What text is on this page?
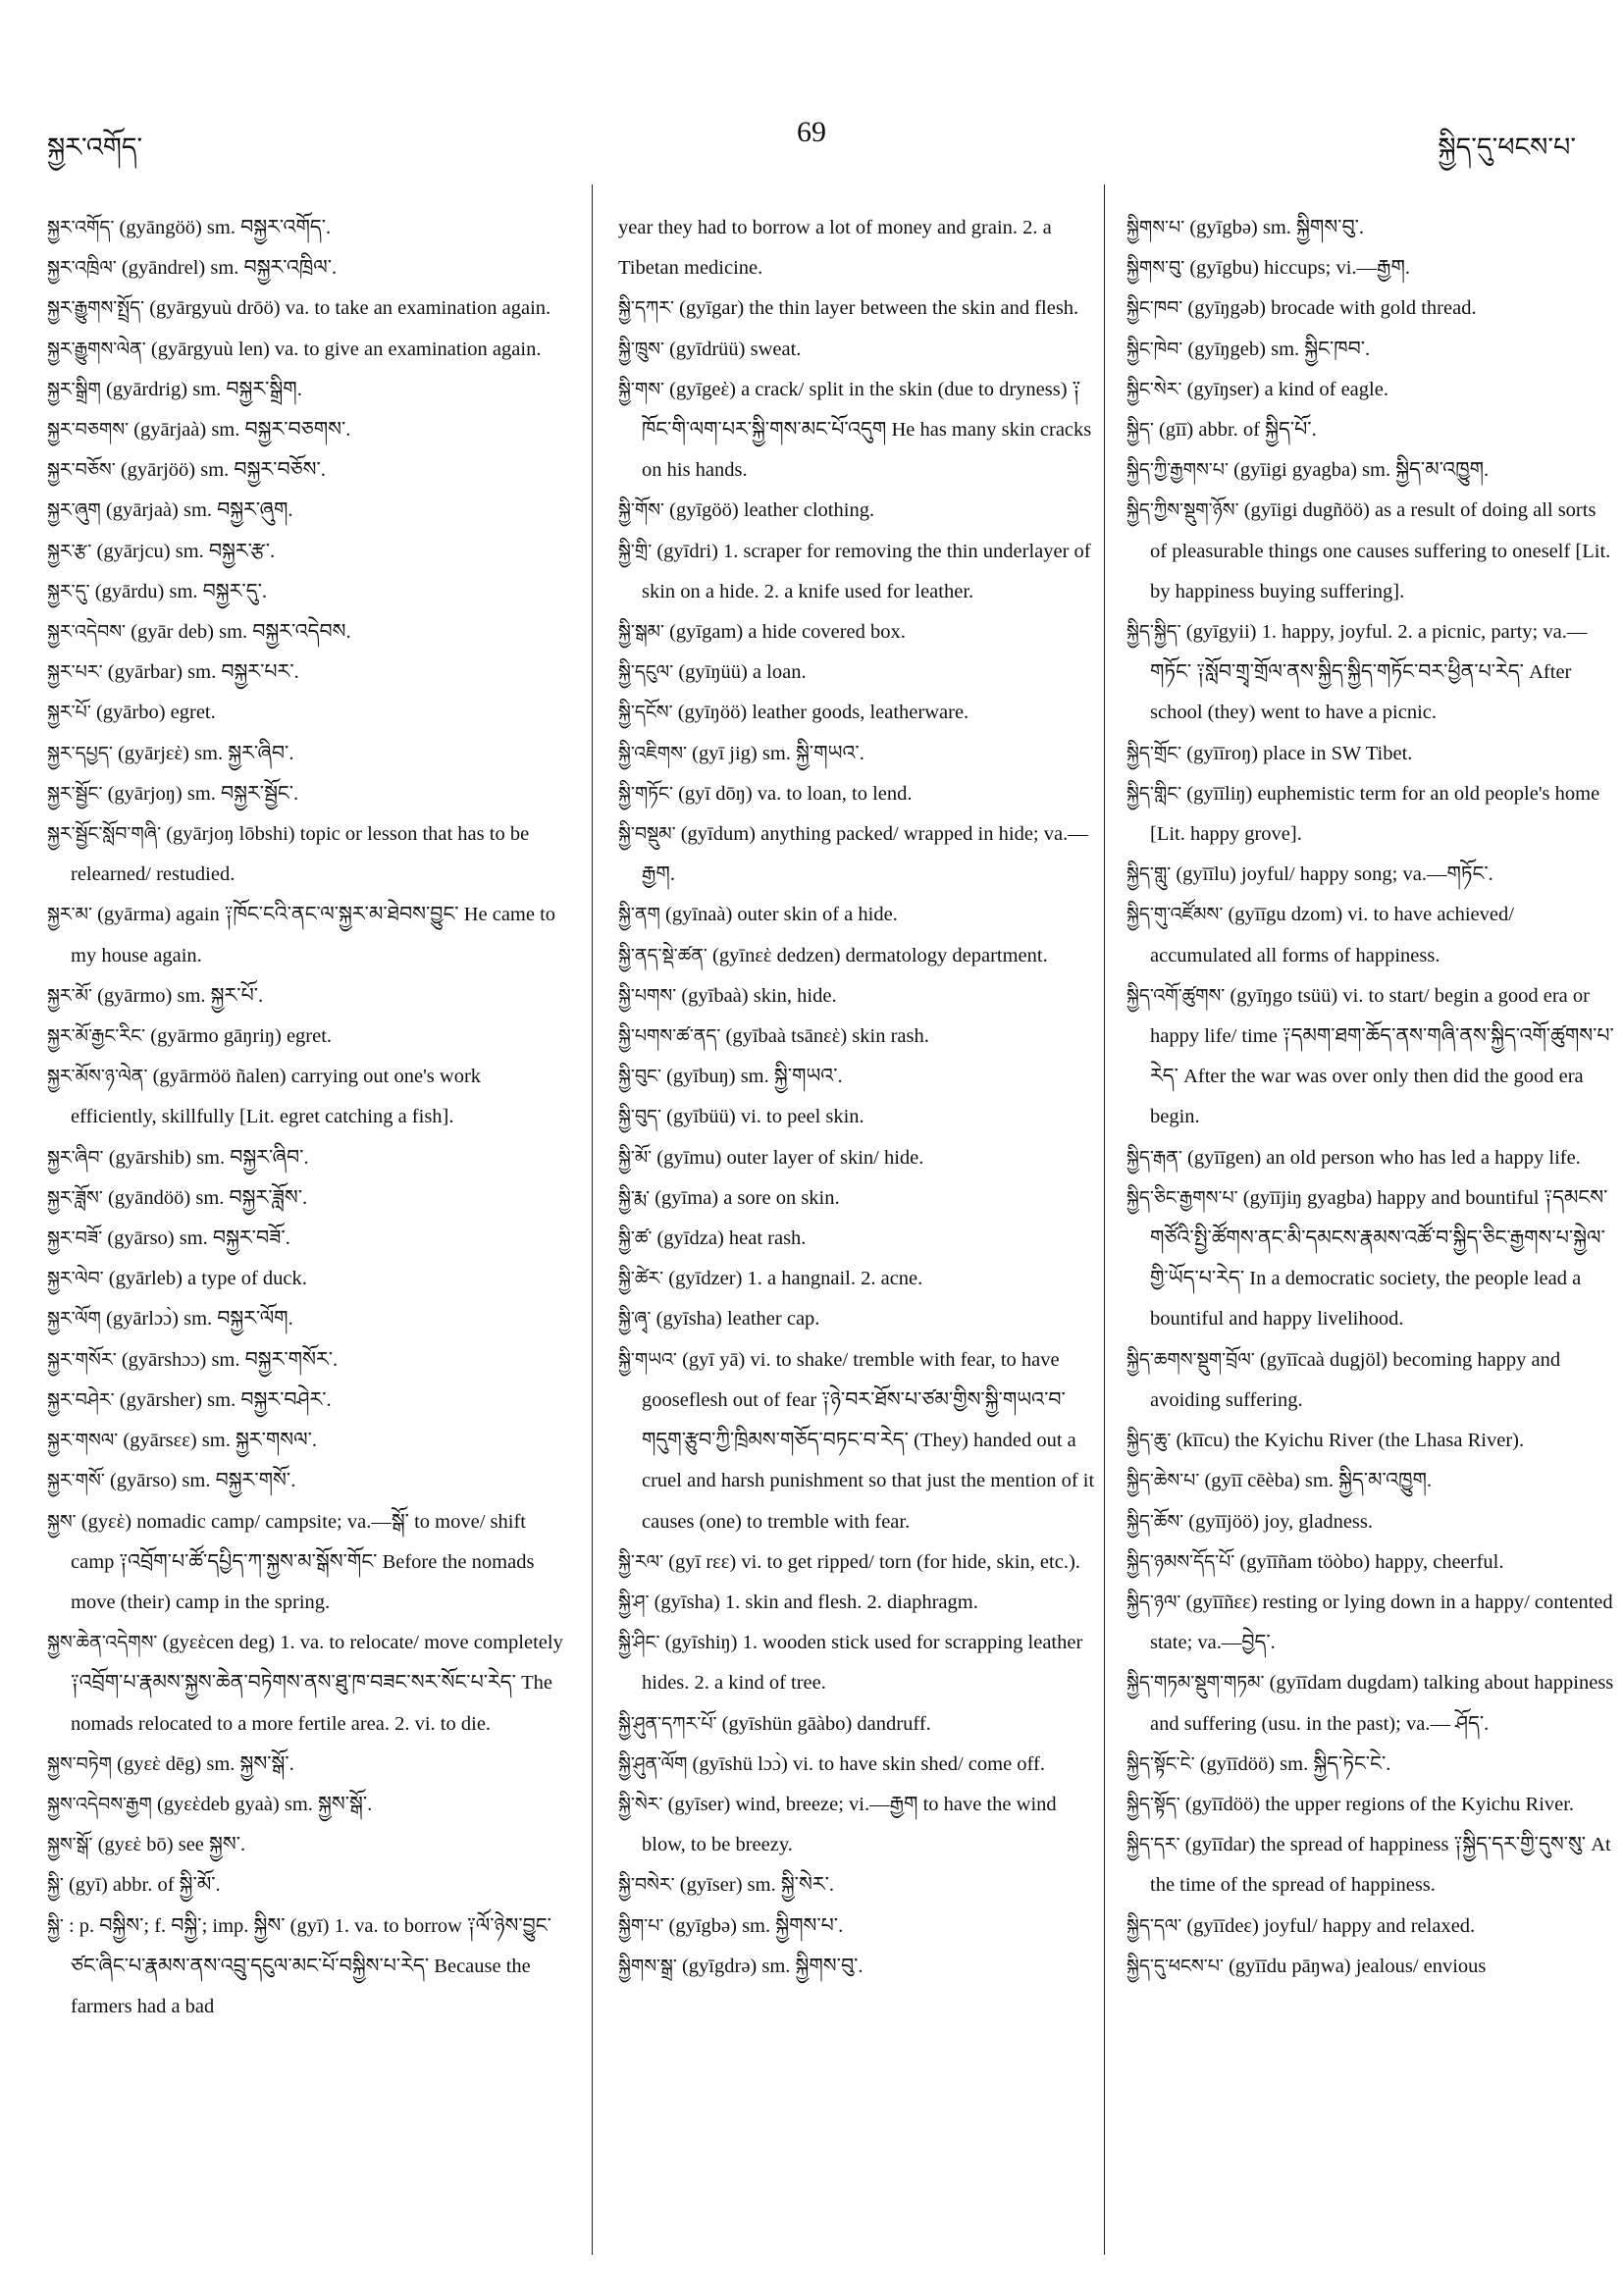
སྐྱར་འགོད་	69	སྐྱིད་དུ་ཕངས་པ་

སྐྱར་འགོད་ (gyāngöö) sm. བསྐྱར་འགོད་.

སྐྱར་འཁྲིལ་ (gyāndrel) sm. བསྐྱར་འཁྲིལ་.

སྐྱར་རྒྱུགས་སྤྲོད་ (gyārgyuù drōö) va. to take an examination again.

སྐྱར་རྒྱུགས་ལེན་ (gyārgyuù len) va. to give an examination again.

སྐྱར་སྒྲིག (gyārdrig) sm. བསྐྱར་སྒྲིག.

སྐྱར་བཅགས་ (gyārjaà) sm. བསྐྱར་བཅགས་.

སྐྱར་བཅོས་ (gyārjöö) sm. བསྐྱར་བཅོས་.

སྐྱར་ཞུག (gyārjaà) sm. བསྐྱར་ཞུག.

སྐྱར་རྩ་ (gyārjcu) sm. བསྐྱར་རྩ་.

སྐྱར་དུ་ (gyārdu) sm. བསྐྱར་དུ་.

སྐྱར་འདེབས་ (gyār deb) sm. བསྐྱར་འདེབས.

སྐྱར་པར་ (gyārbar) sm. བསྐྱར་པར་.

སྐྱར་པོ་ (gyārbo) egret.

སྐྱར་དཔྱད་ (gyārjεὲ) sm. སྐྱར་ཞིབ་.

སྐྱར་སྦྱོང་ (gyārjoŋ) sm. བསྐྱར་སྦྱོང་.

སྐྱར་སྦྱོང་སློབ་གཞི་ (gyārjoŋ lōbshi) topic or lesson that has to be relearned/ restudied.

སྐྱར་མ་ (gyārma) again ༑ཁོང་ངའི་ནང་ལ་སྐྱར་མ་ཐེབས་བྱུང་ He came to my house again.

སྐྱར་མོ་ (gyārmo) sm. སྐྱར་པོ་.

སྐྱར་མོ་རྒྱང་རིང་ (gyārmo gāŋriŋ) egret.

སྐྱར་མོས་ཉ་ལེན་ (gyārmöö ñalen) carrying out one's work efficiently, skillfully [Lit. egret catching a fish].

སྐྱར་ཞིབ་ (gyārshib) sm. བསྐྱར་ཞིབ་.

སྐྱར་ཟློས་ (gyāndöö) sm. བསྐྱར་ཟློས་.

སྐྱར་བཟོ་ (gyārso) sm. བསྐྱར་བཟོ་.

སྐྱར་ལེབ་ (gyārleb) a type of duck.

སྐྱར་ལོག (gyārlɔɔ̀) sm. བསྐྱར་ལོག.

སྐྱར་གསོར་ (gyārshɔɔ) sm. བསྐྱར་གསོར་.

སྐྱར་བཤེར་ (gyārsher) sm. བསྐྱར་བཤེར་.

སྐྱར་གསལ་ (gyārsεε) sm. སྐྱར་གསལ་.

སྐྱར་གསོ་ (gyārso) sm. བསྐྱར་གསོ་.

སྐྱས་ (gyεὲ) nomadic camp/ campsite; va.—སྒོ་ to move/ shift camp ༑འབྲོག་པ་ཚོ་དཔྱིད་ཀ་སྐྱས་མ་སྒོས་གོང་ Before the nomads move (their) camp in the spring.

སྐྱས་ཆེན་འདེགས་ (gyεὲcen deg) 1. va. to relocate/ move completely ༑འབྲོག་པ་རྣམས་སྐྱས་ཆེན་བཏེགས་ནས་ཐུ་ཁ་བཟང་སར་སོང་པ་རེད་ The nomads relocated to a more fertile area. 2. vi. to die.

སྐྱས་བཏེག (gyεὲ dēg) sm. སྐྱས་སྒོ་.

སྐྱས་འདེབས་རྒྱག (gyεὲdeb gyaà) sm. སྐྱས་སྒོ་.

སྐྱས་སྒོ་ (gyεὲ bō) see སྐྱས་.

སྐྱི་ (gyī) abbr. of སྐྱི་མོ་.

སྐྱི་ : p. བསྐྱིས་; f. བསྐྱི་; imp. སྐྱིས་ (gyī) 1. va. to borrow ༑ལོ་ཉེས་བྱུང་ཙང་ཞིང་པ་རྣམས་ནས་འབྲུ་དངུལ་མང་པོ་བསྐྱིས་པ་རེད་ Because the farmers had a bad

year they had to borrow a lot of money and grain. 2. a Tibetan medicine.

སྐྱི་དཀར་ (gyīgar) the thin layer between the skin and flesh.

སྐྱི་ཁྲུས་ (gyīdrüü) sweat.

སྐྱི་གས་ (gyīgeὲ) a crack/ split in the skin (due to dryness) ༑ཁོང་གི་ལག་པར་སྐྱི་གས་མང་པོ་འདུག He has many skin cracks on his hands.

སྐྱི་གོས་ (gyīgöö) leather clothing.

སྐྱི་གྲི་ (gyīdri) 1. scraper for removing the thin underlayer of skin on a hide. 2. a knife used for leather.

སྐྱི་སྒམ་ (gyīgam) a hide covered box.

སྐྱི་དངུལ་ (gyīŋüü) a loan.

སྐྱི་དངོས་ (gyīŋöö) leather goods, leatherware.

སྐྱི་འཇིགས་ (gyī jig) sm. སྐྱི་གཡའ་.

སྐྱི་གཏོང་ (gyī dōŋ) va. to loan, to lend.

སྐྱི་བསྡུམ་ (gyīdum) anything packed/ wrapped in hide; va.—རྒྱག.

སྐྱི་ནག (gyīnaà) outer skin of a hide.

སྐྱི་ནད་སྡེ་ཚན་ (gyīnεὲ dedzen) dermatology department.

སྐྱི་པགས་ (gyībaà) skin, hide.

སྐྱི་པགས་ཚ་ནད་ (gyībaà tsānεὲ) skin rash.

སྐྱི་བུང་ (gyībuŋ) sm. སྐྱི་གཡའ་.

སྐྱི་བུད་ (gyībüü) vi. to peel skin.

སྐྱི་མོ་ (gyīmu) outer layer of skin/ hide.

སྐྱི་རྨ་ (gyīma) a sore on skin.

སྐྱི་ཚ་ (gyīdza) heat rash.

སྐྱི་ཚེར་ (gyīdzer) 1. a hangnail. 2. acne.

སྐྱི་ཞྭ་ (gyīsha) leather cap.

སྐྱི་གཡའ་ (gyī yā) vi. to shake/ tremble with fear, to have gooseflesh out of fear ༑ཉེ་བར་ཐོས་པ་ཙམ་གྱིས་སྐྱི་གཡའ་བ་གདུག་རྩུབ་ཀྱི་ཁྲིམས་གཅོད་བཏང་བ་རེད་ (They) handed out a cruel and harsh punishment so that just the mention of it causes (one) to tremble with fear.

སྐྱི་རལ་ (gyī rεε) vi. to get ripped/ torn (for hide, skin, etc.).

སྐྱི་ཤ་ (gyīsha) 1. skin and flesh. 2. diaphragm.

སྐྱི་ཤིང་ (gyīshiŋ) 1. wooden stick used for scrapping leather hides. 2. a kind of tree.

སྐྱི་ཤུན་དཀར་པོ་ (gyīshün gāàbo) dandruff.

སྐྱི་ཤུན་ལོག (gyīshü lɔɔ̀) vi. to have skin shed/ come off.

སྐྱི་སེར་ (gyīser) wind, breeze; vi.—རྒྱག to have the wind blow, to be breezy.

སྐྱི་བསེར་ (gyīser) sm. སྐྱི་སེར་.

སྐྱིག་པ་ (gyīgbə) sm. སྐྱིགས་པ་.

སྐྱིགས་སྒྲ་ (gyīgdrə) sm. སྐྱིགས་བུ་.

སྐྱིགས་པ་ (gyīgbə) sm. སྐྱིགས་བུ་.

སྐྱིགས་བུ་ (gyīgbu) hiccups; vi.—རྒྱག.

སྐྱིང་ཁབ་ (gyīŋgəb) brocade with gold thread.

སྐྱིང་ཁེབ་ (gyīŋgeb) sm. སྐྱིང་ཁབ་.

སྐྱིང་སེར་ (gyīŋser) a kind of eagle.

སྐྱིད་ (gīī) abbr. of སྐྱིད་པོ་.

སྐྱིད་ཀྱི་རྒྱགས་པ་ (gyīigi gyagba) sm. སྐྱིད་མ་འཁྱུག.

སྐྱིད་ཀྱིས་སྡུག་ཉོས་ (gyīigi dugñöö) as a result of doing all sorts of pleasurable things one causes suffering to oneself [Lit. by happiness buying suffering].

སྐྱིད་སྐྱིད་ (gyīgyii) 1. happy, joyful. 2. a picnic, party; va.—གཏོང་ ༑སློབ་གྲྭ་གྲོལ་ནས་སྐྱིད་སྐྱིད་གཏོང་བར་ཕྱིན་པ་རེད་ After school (they) went to have a picnic.

སྐྱིད་གྲོང་ (gyīīroŋ) place in SW Tibet.

སྐྱིད་གླིང་ (gyīīliŋ) euphemistic term for an old people's home [Lit. happy grove].

སྐྱིད་གླུ་ (gyīīlu) joyful/ happy song; va.—གཏོང་.

སྐྱིད་གུ་འཛོམས་ (gyīīgu dzom) vi. to have achieved/ accumulated all forms of happiness.

སྐྱིད་འགོ་ཚུགས་ (gyīŋgo tsüü) vi. to start/ begin a good era or happy life/ time ༑དམག་ཐག་ཆོད་ནས་གཞི་ནས་སྐྱིད་འགོ་ཚུགས་པ་རེད་ After the war was over only then did the good era begin.

སྐྱིད་རྒན་ (gyīīgen) an old person who has led a happy life.

སྐྱིད་ཅིང་རྒྱགས་པ་ (gyīījiŋ gyagba) happy and bountiful ༑དམངས་གཙོའི་སྤྱི་ཚོགས་ནང་མི་དམངས་རྣམས་འཚོ་བ་སྐྱིད་ཅིང་རྒྱགས་པ་སྐྱེལ་གྱི་ཡོད་པ་རེད་ In a democratic society, the people lead a bountiful and happy livelihood.

སྐྱིད་ཆགས་སྡུག་བྲོལ་ (gyīīcaà dugjöl) becoming happy and avoiding suffering.

སྐྱིད་ཆུ་ (kīīcu) the Kyichu River (the Lhasa River).

སྐྱིད་ཆེས་པ་ (gyīī cēèba) sm. སྐྱིད་མ་འཁྱུག.

སྐྱིད་ཆོས་ (gyīījöö) joy, gladness.

སྐྱིད་ཉམས་དོད་པོ་ (gyīīñam töòbo) happy, cheerful.

སྐྱིད་ཉལ་ (gyīīñεε) resting or lying down in a happy/ contented state; va.—བྱེད་.

སྐྱིད་གཏམ་སྡུག་གཏམ་ (gyīīdam dugdam) talking about happiness and suffering (usu. in the past); va.— ཤོད་.

སྐྱིད་སྟོང་ངེ་ (gyīīdöö) sm. སྐྱིད་ཏེང་ངེ་.

སྐྱིད་སྟོད་ (gyīīdöö) the upper regions of the Kyichu River.

སྐྱིད་དར་ (gyīīdar) the spread of happiness ༑སྐྱིད་དར་གྱི་དུས་སུ་ At the time of the spread of happiness.

སྐྱིད་དལ་ (gyīīdeε) joyful/ happy and relaxed.

སྐྱིད་དུ་ཕངས་པ་ (gyīīdu pāŋwa) jealous/ envious
